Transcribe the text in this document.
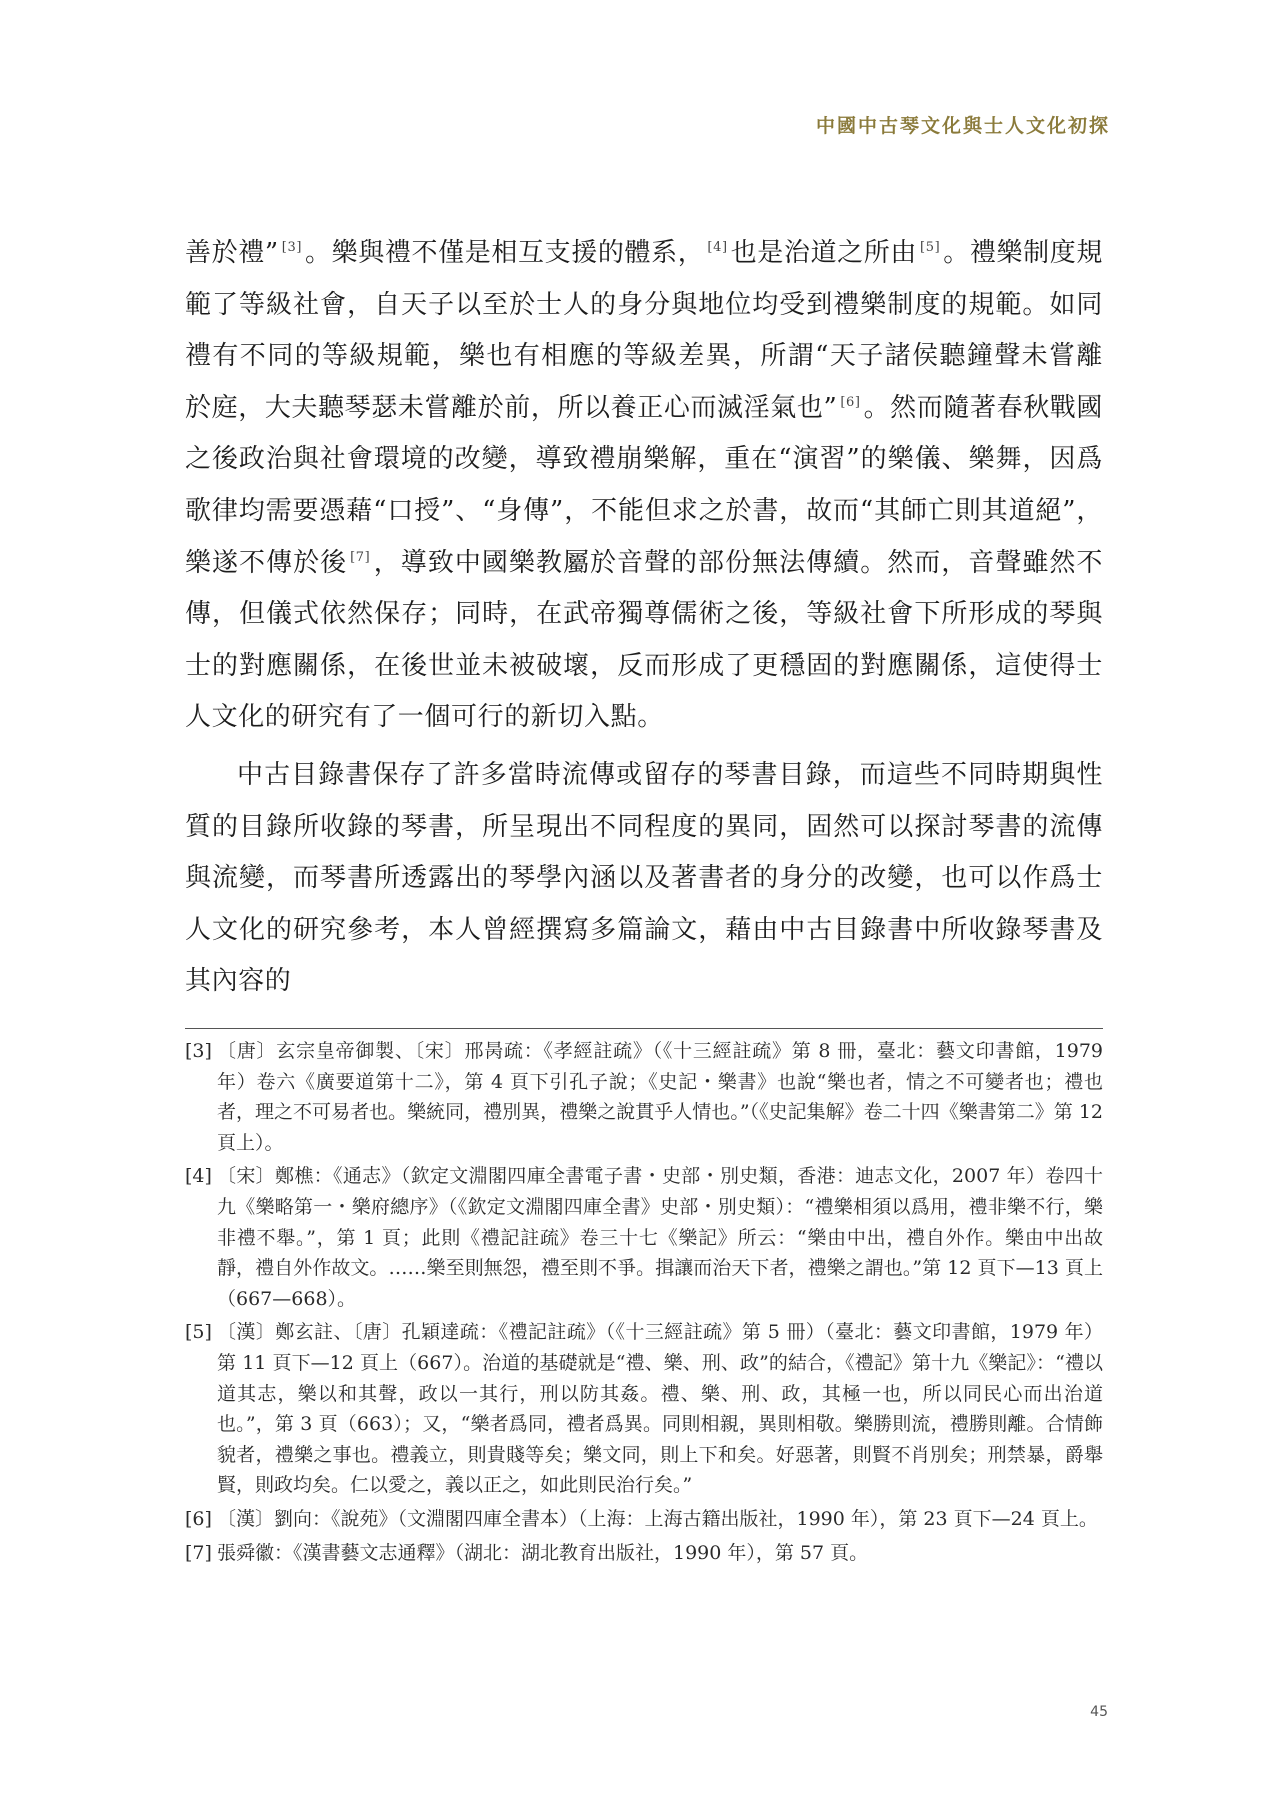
中國中古琴文化與士人文化初探

善於禮” [3] 。樂與禮不僅是相互支援的體系， [4] 也是治道之所由 [5] 。禮樂制度規範了等級社會，自天子以至於士人的身分與地位均受到禮樂制度的規範。如同禮有不同的等級規範，樂也有相應的等級差異，所謂“天子諸侯聽鐘聲未嘗離於庭，大夫聽琴瑟未嘗離於前，所以養正心而滅淫氣也” [6] 。然而隨著春秋戰國之後政治與社會環境的改變，導致禮崩樂解，重在“演習”的樂儀、樂舞，因爲歌律均需要憑藉“口授”、“身傳”，不能但求之於書，故而“其師亡則其道絕”，樂遂不傳於後 [7] ，導致中國樂教屬於音聲的部份無法傳續。然而，音聲雖然不傳，但儀式依然保存；同時，在武帝獨尊儒術之後，等級社會下所形成的琴與士的對應關係，在後世並未被破壞，反而形成了更穩固的對應關係，這使得士人文化的研究有了一個可行的新切入點。

中古目錄書保存了許多當時流傳或留存的琴書目錄，而這些不同時期與性質的目錄所收錄的琴書，所呈現出不同程度的異同，固然可以探討琴書的流傳與流變，而琴書所透露出的琴學內涵以及著書者的身分的改變，也可以作爲士人文化的研究參考，本人曾經撰寫多篇論文，藉由中古目錄書中所收錄琴書及其內容的

[3] 〔唐〕玄宗皇帝御製、〔宋〕邢昺疏：《孝經註疏》（《十三經註疏》第 8 冊，臺北：藝文印書館，1979 年）卷六《廣要道第十二》，第 4 頁下引孔子說；《史記・樂書》也說“樂也者，情之不可變者也；禮也者，理之不可易者也。樂統同，禮別異，禮樂之說貫乎人情也。”（《史記集解》卷二十四《樂書第二》第 12 頁上）。
[4] 〔宋〕鄭樵：《通志》（欽定文淵閣四庫全書電子書・史部・別史類，香港：迪志文化，2007 年）卷四十九《樂略第一・樂府總序》（《欽定文淵閣四庫全書》史部・別史類）：“禮樂相須以爲用，禮非樂不行，樂非禮不舉。”，第 1 頁；此則《禮記註疏》卷三十七《樂記》所云：“樂由中出，禮自外作。樂由中出故靜，禮自外作故文。……樂至則無怨，禮至則不爭。揖讓而治天下者，禮樂之謂也。”第 12 頁下—13 頁上（667—668）。
[5] 〔漢〕鄭玄註、〔唐〕孔穎達疏：《禮記註疏》（《十三經註疏》第 5 冊）（臺北：藝文印書館，1979 年）第 11 頁下—12 頁上（667）。治道的基礎就是“禮、樂、刑、政”的結合，《禮記》第十九《樂記》：“禮以道其志，樂以和其聲，政以一其行，刑以防其姦。禮、樂、刑、政，其極一也，所以同民心而出治道也。”，第 3 頁（663）；又，“樂者爲同，禮者爲異。同則相親，異則相敬。樂勝則流，禮勝則離。合情飾貌者，禮樂之事也。禮義立，則貴賤等矣；樂文同，則上下和矣。好惡著，則賢不肖別矣；刑禁暴，爵舉賢，則政均矣。仁以愛之，義以正之，如此則民治行矣。”
[6] 〔漢〕劉向：《說苑》（文淵閣四庫全書本）（上海：上海古籍出版社，1990 年），第 23 頁下—24 頁上。
[7] 張舜徽：《漢書藝文志通釋》（湖北：湖北教育出版社，1990 年），第 57 頁。
45
